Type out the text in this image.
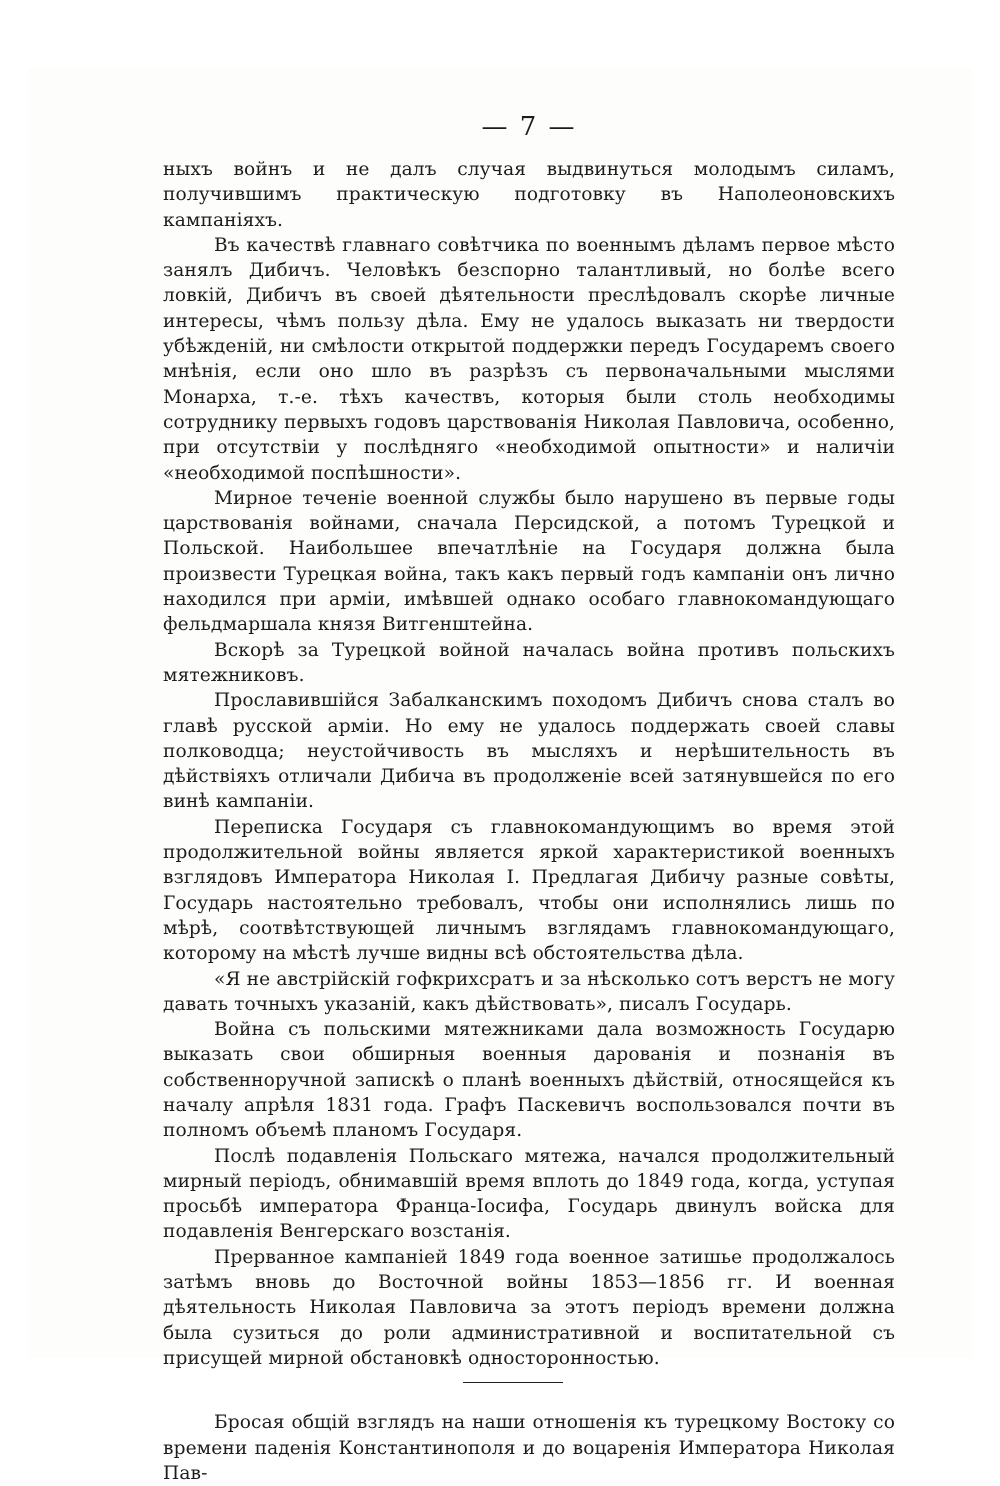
— 7 —

ныхъ войнъ и не далъ случая выдвинуться молодымъ силамъ, получившимъ практическую подготовку въ Наполеоновскихъ кампаніяхъ.

Въ качествѣ главнаго совѣтчика по военнымъ дѣламъ первое мѣсто занялъ Дибичъ. Человѣкъ безспорно талантливый, но болѣе всего ловкій, Дибичъ въ своей дѣятельности преслѣдовалъ скорѣе личные интересы, чѣмъ пользу дѣла. Ему не удалось выказать ни твердости убѣжденій, ни смѣлости открытой поддержки передъ Государемъ своего мнѣнія, если оно шло въ разрѣзъ съ первоначальными мыслями Монарха, т.-е. тѣхъ качествъ, которыя были столь необходимы сотруднику первыхъ годовъ царствованія Николая Павловича, особенно, при отсутствіи у послѣдняго «необходимой опытности» и наличіи «необходимой поспѣшности».

Мирное теченіе военной службы было нарушено въ первые годы царствованія войнами, сначала Персидской, а потомъ Турецкой и Польской. Наибольшее впечатлѣніе на Государя должна была произвести Турецкая война, такъ какъ первый годъ кампаніи онъ лично находился при арміи, имѣвшей однако особаго главнокомандующаго фельдмаршала князя Витгенштейна.

Вскорѣ за Турецкой войной началась война противъ польскихъ мятежниковъ.

Прославившійся Забалканскимъ походомъ Дибичъ снова сталъ во главѣ русской арміи. Но ему не удалось поддержать своей славы полководца; неустойчивость въ мысляхъ и нерѣшительность въ дѣйствіяхъ отличали Дибича въ продолженіе всей затянувшейся по его винѣ кампаніи.

Переписка Государя съ главнокомандующимъ во время этой продолжительной войны является яркой характеристикой военныхъ взглядовъ Императора Николая I. Предлагая Дибичу разные совѣты, Государь настоятельно требовалъ, чтобы они исполнялись лишь по мѣрѣ, соотвѣтствующей личнымъ взглядамъ главнокомандующаго, которому на мѣстѣ лучше видны всѣ обстоятельства дѣла.

«Я не австрійскій гофкрихсратъ и за нѣсколько сотъ верстъ не могу давать точныхъ указаній, какъ дѣйствовать», писалъ Государь.

Война съ польскими мятежниками дала возможность Государю выказать свои обширныя военныя дарованія и познанія въ собственноручной запискѣ о планѣ военныхъ дѣйствій, относящейся къ началу апрѣля 1831 года. Графъ Паскевичъ воспользовался почти въ полномъ объемѣ планомъ Государя.

Послѣ подавленія Польскаго мятежа, начался продолжительный мирный періодъ, обнимавшій время вплоть до 1849 года, когда, уступая просьбѣ императора Франца-Іосифа, Государь двинулъ войска для подавленія Венгерскаго возстанія.

Прерванное кампаніей 1849 года военное затишье продолжалось затѣмъ вновь до Восточной войны 1853—1856 гг. И военная дѣятельность Николая Павловича за этотъ періодъ времени должна была сузиться до роли административной и воспитательной съ присущей мирной обстановкѣ односторонностью.

Бросая общій взглядъ на наши отношенія къ турецкому Востоку со времени паденія Константинополя и до воцаренія Императора Николая Пав-
